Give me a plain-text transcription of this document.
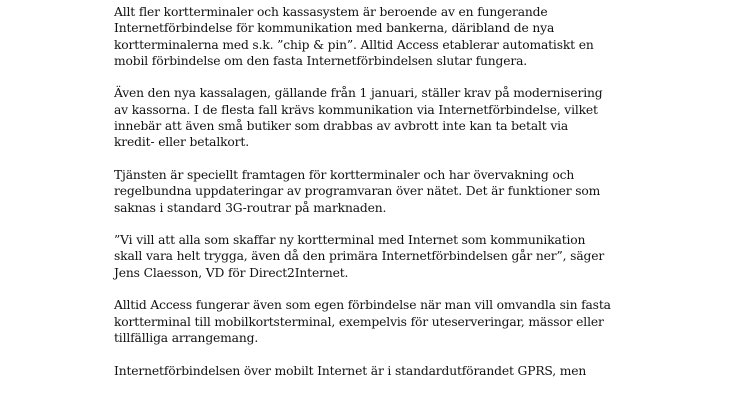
Allt fler kortterminaler och kassasystem är beroende av en fungerande
Internetförbindelse för kommunikation med bankerna, däribland de nya
kortterminalerna med s.k. ”chip & pin”. Alltid Access etablerar automatiskt en
mobil förbindelse om den fasta Internetförbindelsen slutar fungera.

Även den nya kassalagen, gällande från 1 januari, ställer krav på modernisering
av kassorna. I de flesta fall krävs kommunikation via Internetförbindelse, vilket
innebär att även små butiker som drabbas av avbrott inte kan ta betalt via
kredit- eller betalkort.

Tjänsten är speciellt framtagen för kortterminaler och har övervakning och
regelbundna uppdateringar av programvaran över nätet. Det är funktioner som
saknas i standard 3G-routrar på marknaden.

”Vi vill att alla som skaffar ny kortterminal med Internet som kommunikation
skall vara helt trygga, även då den primära Internetförbindelsen går ner”, säger
Jens Claesson, VD för Direct2Internet.

Alltid Access fungerar även som egen förbindelse när man vill omvandla sin fasta
kortterminal till mobilkortsterminal, exempelvis för uteserveringar, mässor eller
tillfälliga arrangemang.

Internetförbindelsen över mobilt Internet är i standardutförandet GPRS, men
